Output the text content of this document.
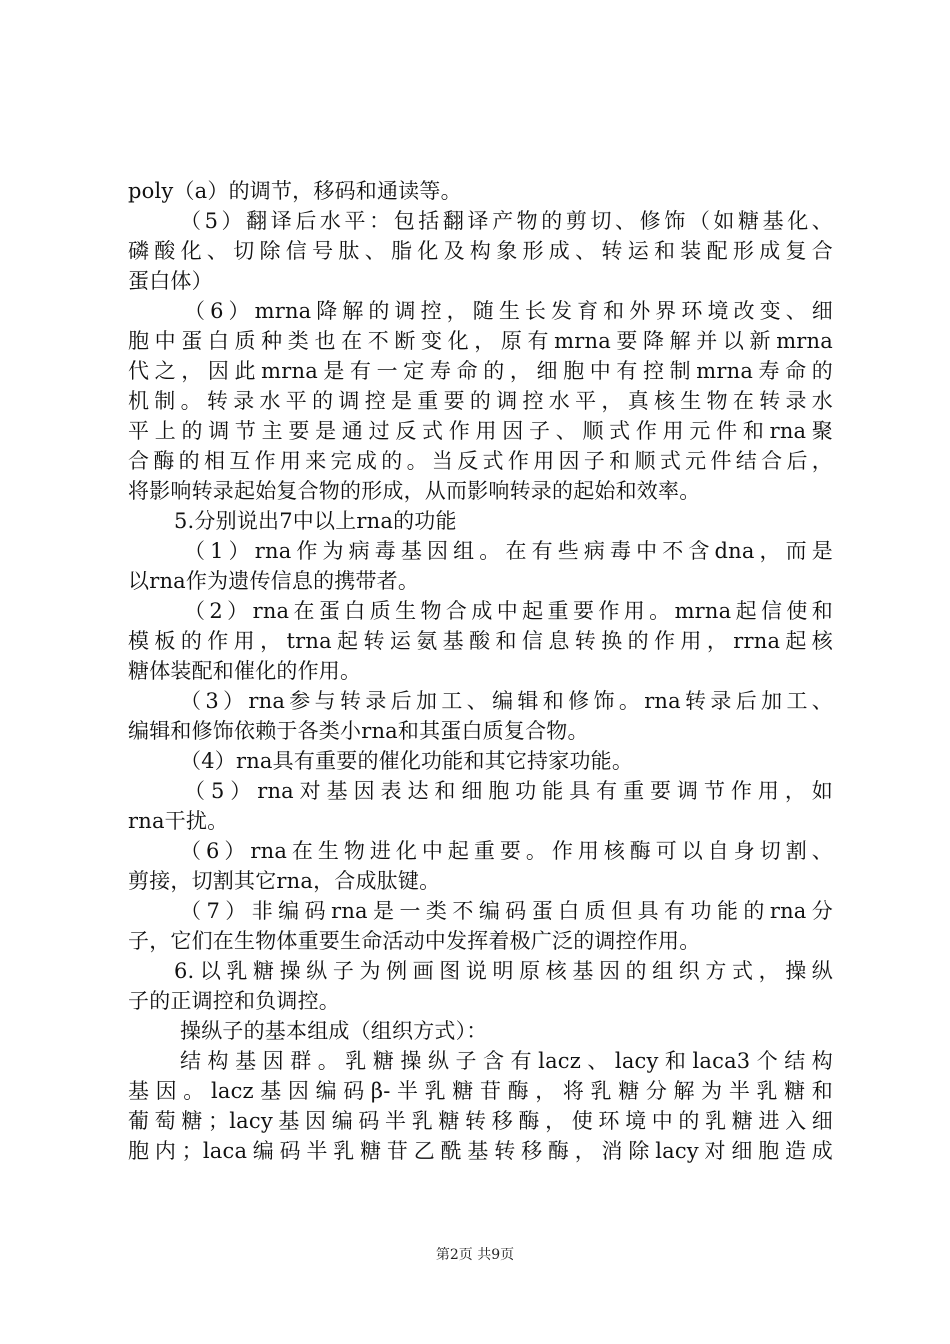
poly（a）的调节，移码和通读等。
（5）翻译后水平：包括翻译产物的剪切、修饰（如糖基化、
磷酸化、切除信号肽、脂化及构象形成、转运和装配形成复合
蛋白体）
（6）mrna降解的调控，随生长发育和外界环境改变、细
胞中蛋白质种类也在不断变化，原有mrna要降解并以新mrna
代之，因此mrna是有一定寿命的，细胞中有控制mrna寿命的
机制。转录水平的调控是重要的调控水平，真核生物在转录水
平上的调节主要是通过反式作用因子、顺式作用元件和rna聚
合酶的相互作用来完成的。当反式作用因子和顺式元件结合后，
将影响转录起始复合物的形成，从而影响转录的起始和效率。
5.分别说出7中以上rna的功能
（1）rna作为病毒基因组。在有些病毒中不含dna，而是
以rna作为遗传信息的携带者。
（2）rna在蛋白质生物合成中起重要作用。mrna起信使和
模板的作用，trna起转运氨基酸和信息转换的作用，rrna起核
糖体装配和催化的作用。
（3）rna参与转录后加工、编辑和修饰。rna转录后加工、
编辑和修饰依赖于各类小rna和其蛋白质复合物。
（4）rna具有重要的催化功能和其它持家功能。
（5）rna对基因表达和细胞功能具有重要调节作用，如
rna干扰。
（6）rna在生物进化中起重要。作用核酶可以自身切割、
剪接，切割其它rna，合成肽键。
（7）非编码rna是一类不编码蛋白质但具有功能的rna分
子，它们在生物体重要生命活动中发挥着极广泛的调控作用。
6.以乳糖操纵子为例画图说明原核基因的组织方式，操纵
子的正调控和负调控。
操纵子的基本组成（组织方式）：
结构基因群。乳糖操纵子含有lacz、lacy和laca3个结构
基因。lacz基因编码β-半乳糖苷酶，将乳糖分解为半乳糖和
葡萄糖；lacy基因编码半乳糖转移酶，使环境中的乳糖进入细
胞内；laca编码半乳糖苷乙酰基转移酶，消除lacy对细胞造成
第2页 共9页
